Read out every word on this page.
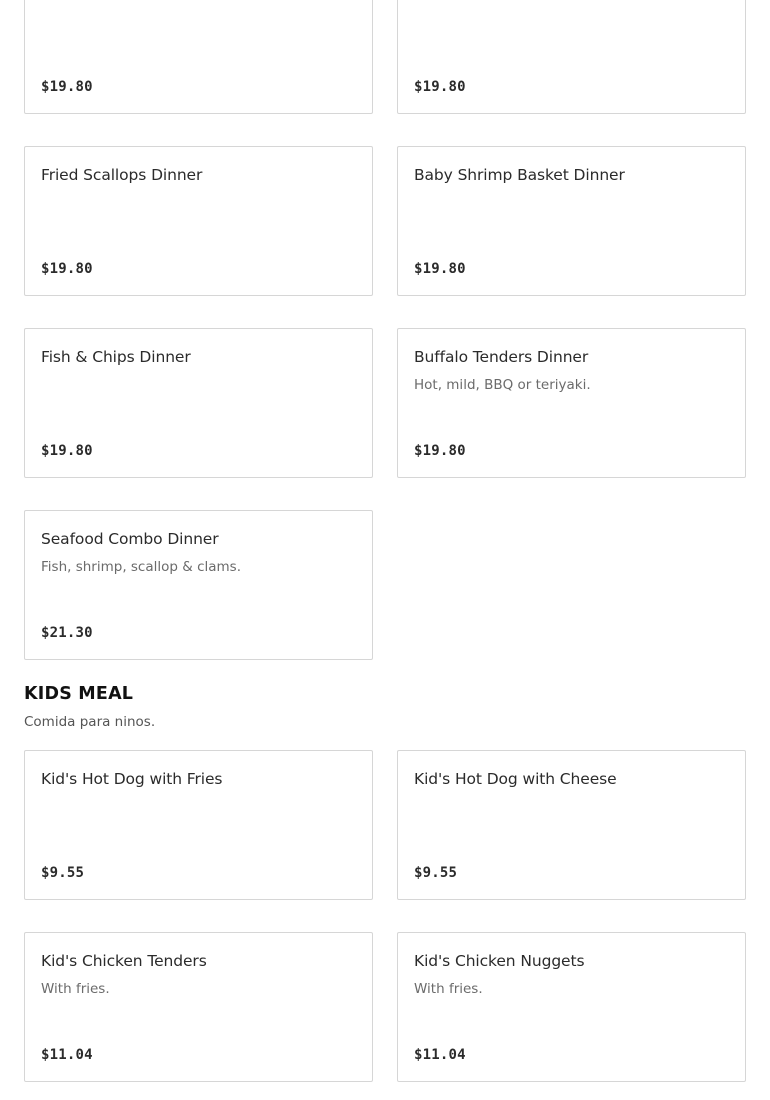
$19.80	$19.80
Fried Scallops Dinner
$19.80
Baby Shrimp Basket Dinner
$19.80
Fish & Chips Dinner
$19.80
Buffalo Tenders Dinner
Hot, mild, BBQ or teriyaki.
$19.80
Seafood Combo Dinner
Fish, shrimp, scallop & clams.
$21.30
KIDS MEAL
Comida para ninos.
Kid's Hot Dog with Fries
$9.55
Kid's Hot Dog with Cheese
$9.55
Kid's Chicken Tenders
With fries.
$11.04
Kid's Chicken Nuggets
With fries.
$11.04
